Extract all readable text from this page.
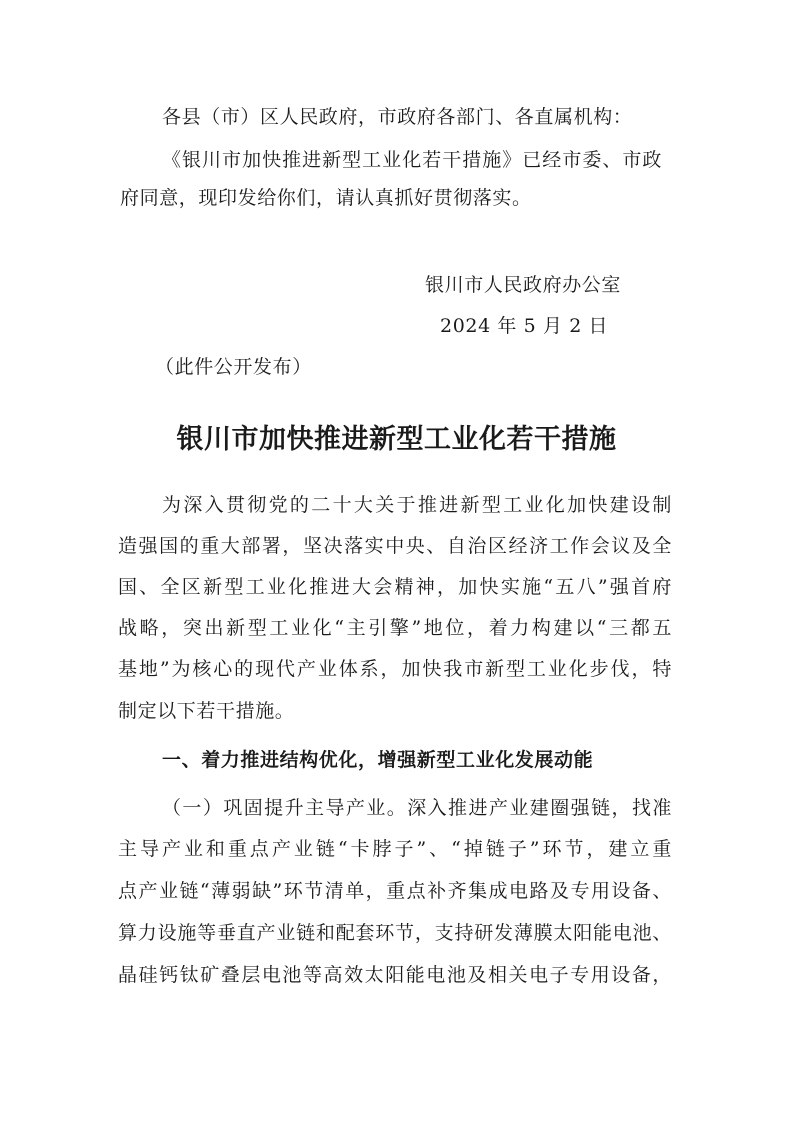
各县（市）区人民政府，市政府各部门、各直属机构：
《银川市加快推进新型工业化若干措施》已经市委、市政
府同意，现印发给你们，请认真抓好贯彻落实。
银川市人民政府办公室
2024 年 5 月 2 日
（此件公开发布）
银川市加快推进新型工业化若干措施
为深入贯彻党的二十大关于推进新型工业化加快建设制
造强国的重大部署，坚决落实中央、自治区经济工作会议及全
国、全区新型工业化推进大会精神，加快实施“五八”强首府
战略，突出新型工业化“主引擎”地位，着力构建以“三都五
基地”为核心的现代产业体系，加快我市新型工业化步伐，特
制定以下若干措施。
一、着力推进结构优化，增强新型工业化发展动能
（一）巩固提升主导产业。深入推进产业建圈强链，找准
主导产业和重点产业链“卡脖子”、“掉链子”环节，建立重
点产业链“薄弱缺”环节清单，重点补齐集成电路及专用设备、
算力设施等垂直产业链和配套环节，支持研发薄膜太阳能电池、
晶硅钙钛矿叠层电池等高效太阳能电池及相关电子专用设备，
